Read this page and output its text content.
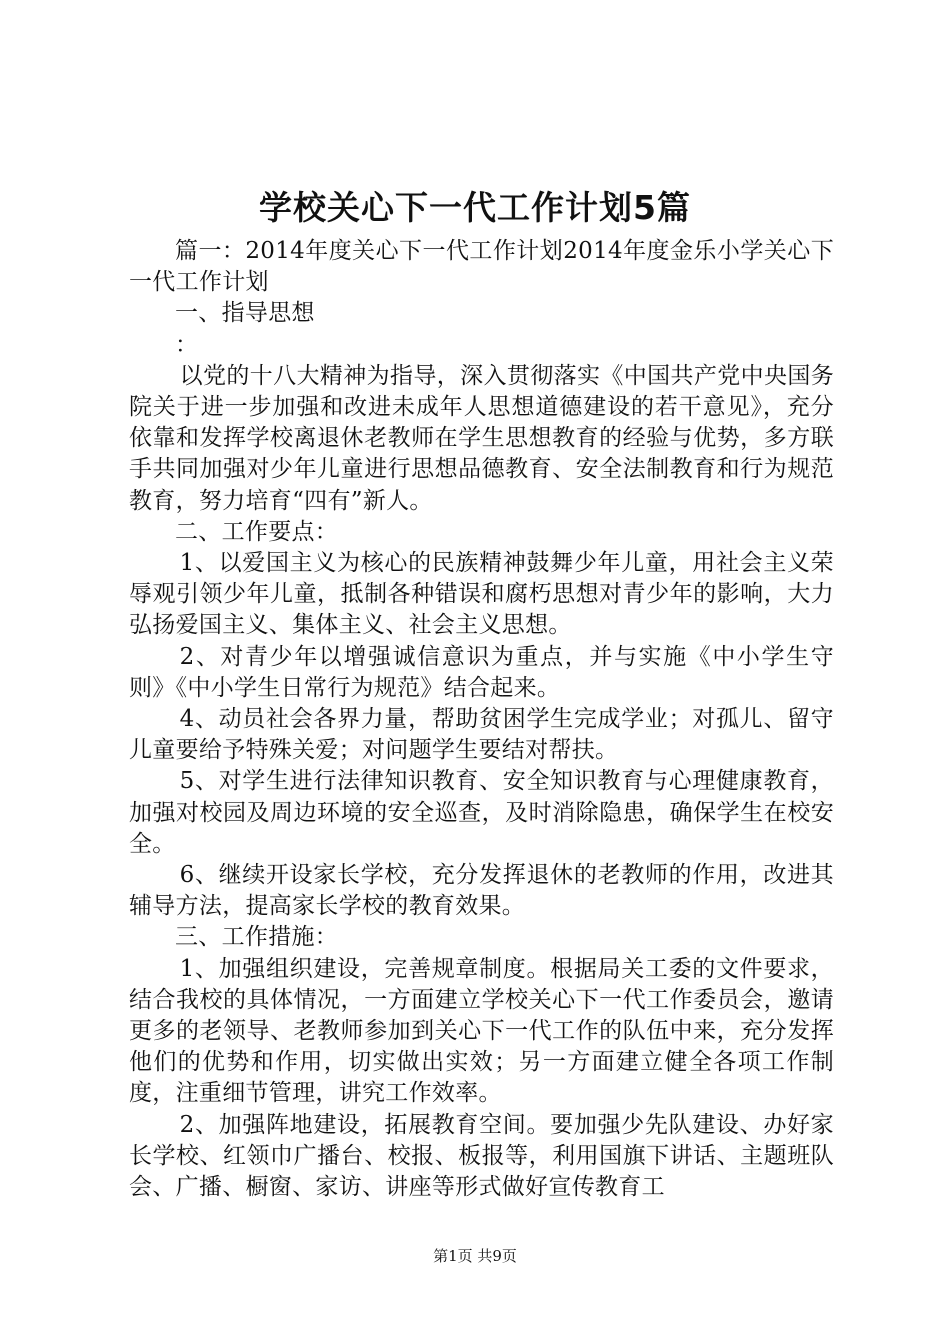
学校关心下一代工作计划5篇

篇一：2014年度关心下一代工作计划2014年度金乐小学关心下一代工作计划

一、指导思想

：

以党的十八大精神为指导，深入贯彻落实《中国共产党中央国务院关于进一步加强和改进未成年人思想道德建设的若干意见》，充分依靠和发挥学校离退休老教师在学生思想教育的经验与优势，多方联手共同加强对少年儿童进行思想品德教育、安全法制教育和行为规范教育，努力培育“四有”新人。

二、工作要点：

1、以爱国主义为核心的民族精神鼓舞少年儿童，用社会主义荣辱观引领少年儿童，抵制各种错误和腐朽思想对青少年的影响，大力弘扬爱国主义、集体主义、社会主义思想。

2、对青少年以增强诚信意识为重点，并与实施《中小学生守则》《中小学生日常行为规范》结合起来。

4、动员社会各界力量，帮助贫困学生完成学业；对孤儿、留守儿童要给予特殊关爱；对问题学生要结对帮扶。

5、对学生进行法律知识教育、安全知识教育与心理健康教育，加强对校园及周边环境的安全巡查，及时消除隐患，确保学生在校安全。

6、继续开设家长学校，充分发挥退休的老教师的作用，改进其辅导方法，提高家长学校的教育效果。

三、工作措施：

1、加强组织建设，完善规章制度。根据局关工委的文件要求，结合我校的具体情况，一方面建立学校关心下一代工作委员会，邀请更多的老领导、老教师参加到关心下一代工作的队伍中来，充分发挥他们的优势和作用，切实做出实效；另一方面建立健全各项工作制度，注重细节管理，讲究工作效率。

2、加强阵地建设，拓展教育空间。要加强少先队建设、办好家长学校、红领巾广播台、校报、板报等，利用国旗下讲话、主题班队会、广播、橱窗、家访、讲座等形式做好宣传教育工

第1页 共9页
